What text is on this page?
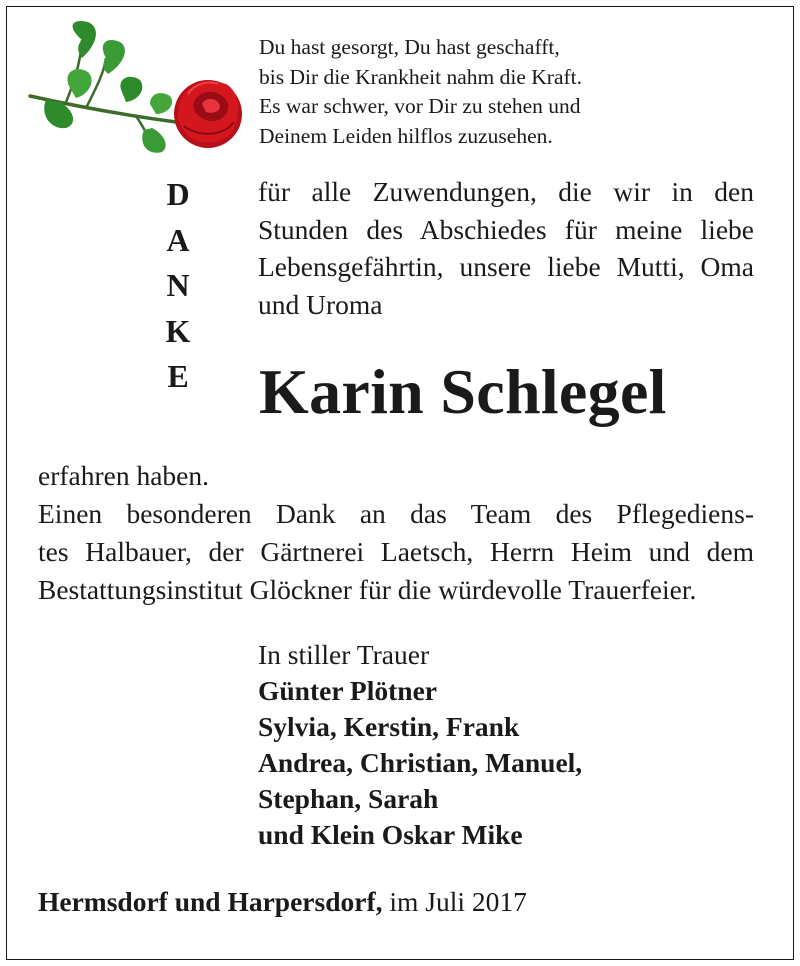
Du hast gesorgt, Du hast geschafft,
bis Dir die Krankheit nahm die Kraft.
Es war schwer, vor Dir zu stehen und
Deinem Leiden hilflos zuzusehen.
D
A
N
K
E
für alle Zuwendungen, die wir in den
Stunden des Abschiedes für meine liebe
Lebensgefährtin, unsere liebe Mutti, Oma
und Uroma
Karin Schlegel
erfahren haben.
Einen besonderen Dank an das Team des Pflegediens-
tes Halbauer, der Gärtnerei Laetsch, Herrn Heim und dem
Bestattungsinstitut Glöckner für die würdevolle Trauerfeier.
In stiller Trauer
Günter Plötner
Sylvia, Kerstin, Frank
Andrea, Christian, Manuel,
Stephan, Sarah
und Klein Oskar Mike
Hermsdorf und Harpersdorf, im Juli 2017
